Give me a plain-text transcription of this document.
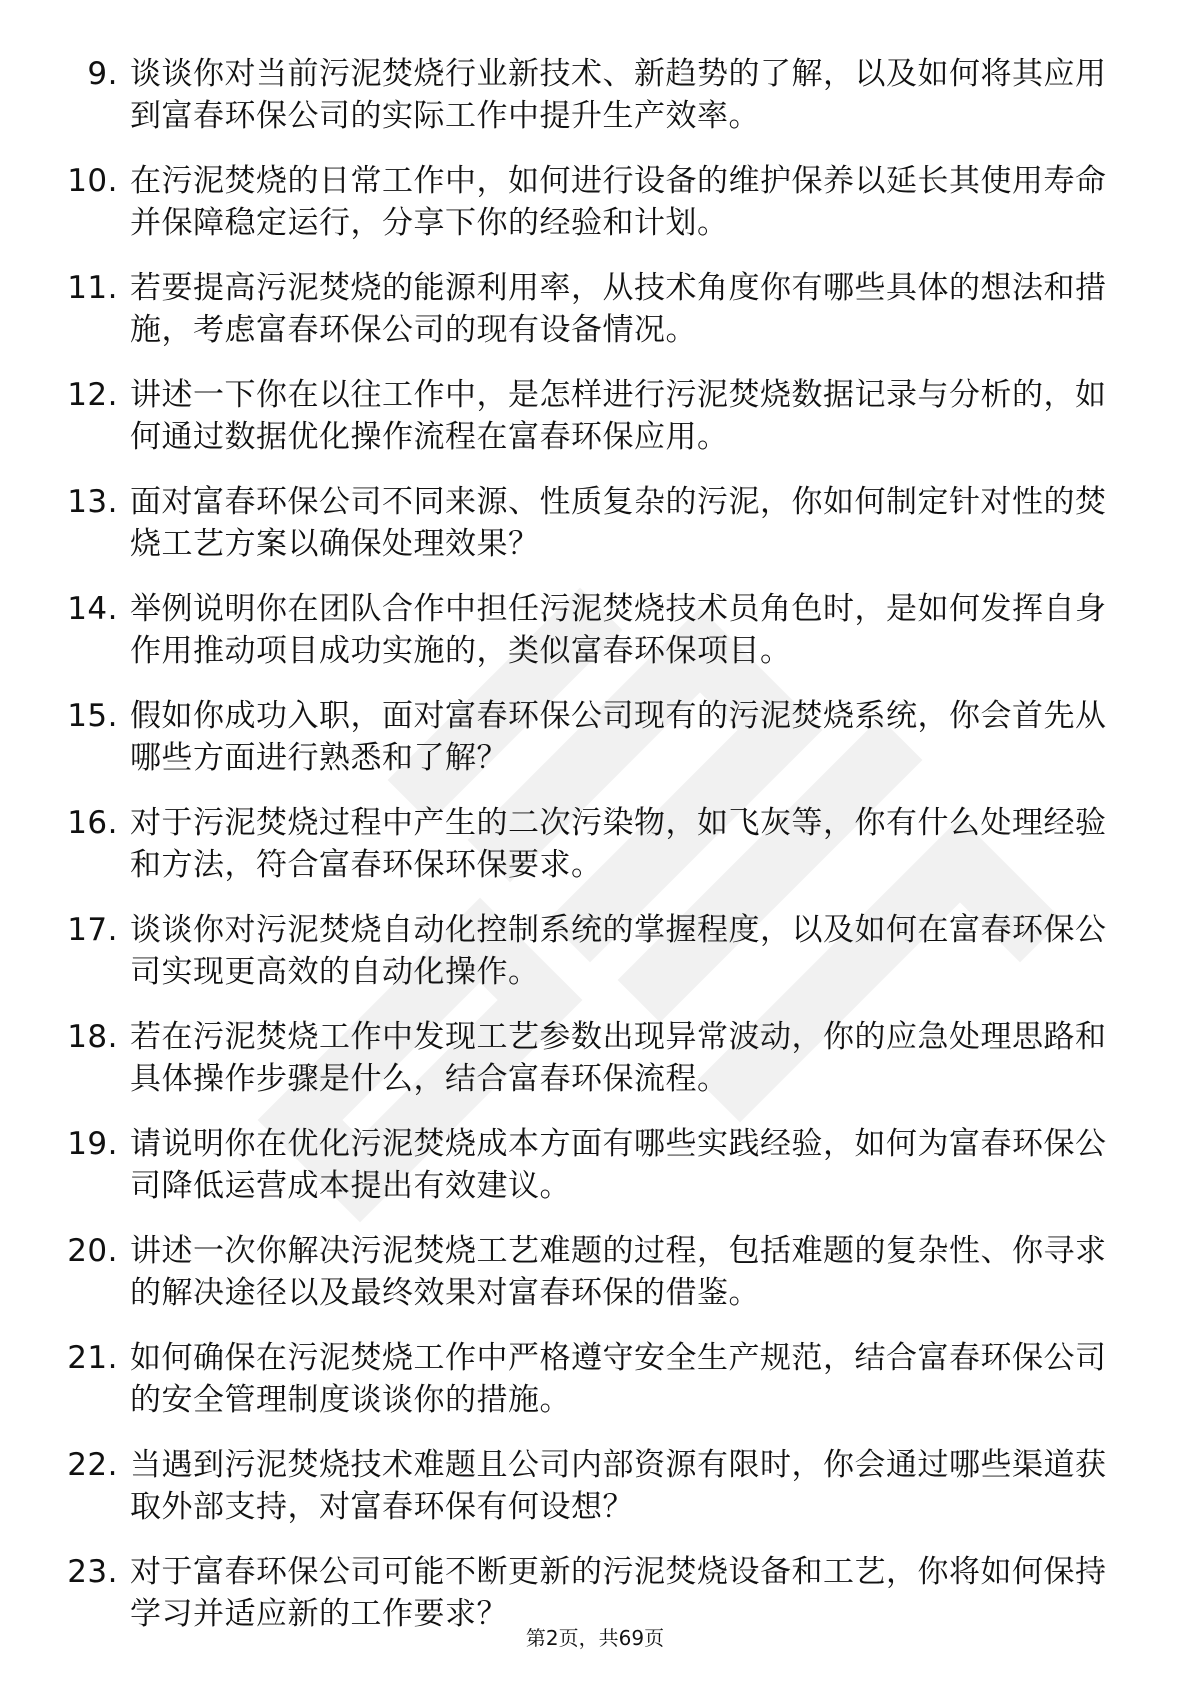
9. 谈谈你对当前污泥焚烧行业新技术、新趋势的了解，以及如何将其应用到富春环保公司的实际工作中提升生产效率。
10. 在污泥焚烧的日常工作中，如何进行设备的维护保养以延长其使用寿命并保障稳定运行，分享下你的经验和计划。
11. 若要提高污泥焚烧的能源利用率，从技术角度你有哪些具体的想法和措施，考虑富春环保公司的现有设备情况。
12. 讲述一下你在以往工作中，是怎样进行污泥焚烧数据记录与分析的，如何通过数据优化操作流程在富春环保应用。
13. 面对富春环保公司不同来源、性质复杂的污泥，你如何制定针对性的焚烧工艺方案以确保处理效果？
14. 举例说明你在团队合作中担任污泥焚烧技术员角色时，是如何发挥自身作用推动项目成功实施的，类似富春环保项目。
15. 假如你成功入职，面对富春环保公司现有的污泥焚烧系统，你会首先从哪些方面进行熟悉和了解？
16. 对于污泥焚烧过程中产生的二次污染物，如飞灰等，你有什么处理经验和方法，符合富春环保环保要求。
17. 谈谈你对污泥焚烧自动化控制系统的掌握程度，以及如何在富春环保公司实现更高效的自动化操作。
18. 若在污泥焚烧工作中发现工艺参数出现异常波动，你的应急处理思路和具体操作步骤是什么，结合富春环保流程。
19. 请说明你在优化污泥焚烧成本方面有哪些实践经验，如何为富春环保公司降低运营成本提出有效建议。
20. 讲述一次你解决污泥焚烧工艺难题的过程，包括难题的复杂性、你寻求的解决途径以及最终效果对富春环保的借鉴。
21. 如何确保在污泥焚烧工作中严格遵守安全生产规范，结合富春环保公司的安全管理制度谈谈你的措施。
22. 当遇到污泥焚烧技术难题且公司内部资源有限时，你会通过哪些渠道获取外部支持，对富春环保有何设想？
23. 对于富春环保公司可能不断更新的污泥焚烧设备和工艺，你将如何保持学习并适应新的工作要求？
第2页，共69页
